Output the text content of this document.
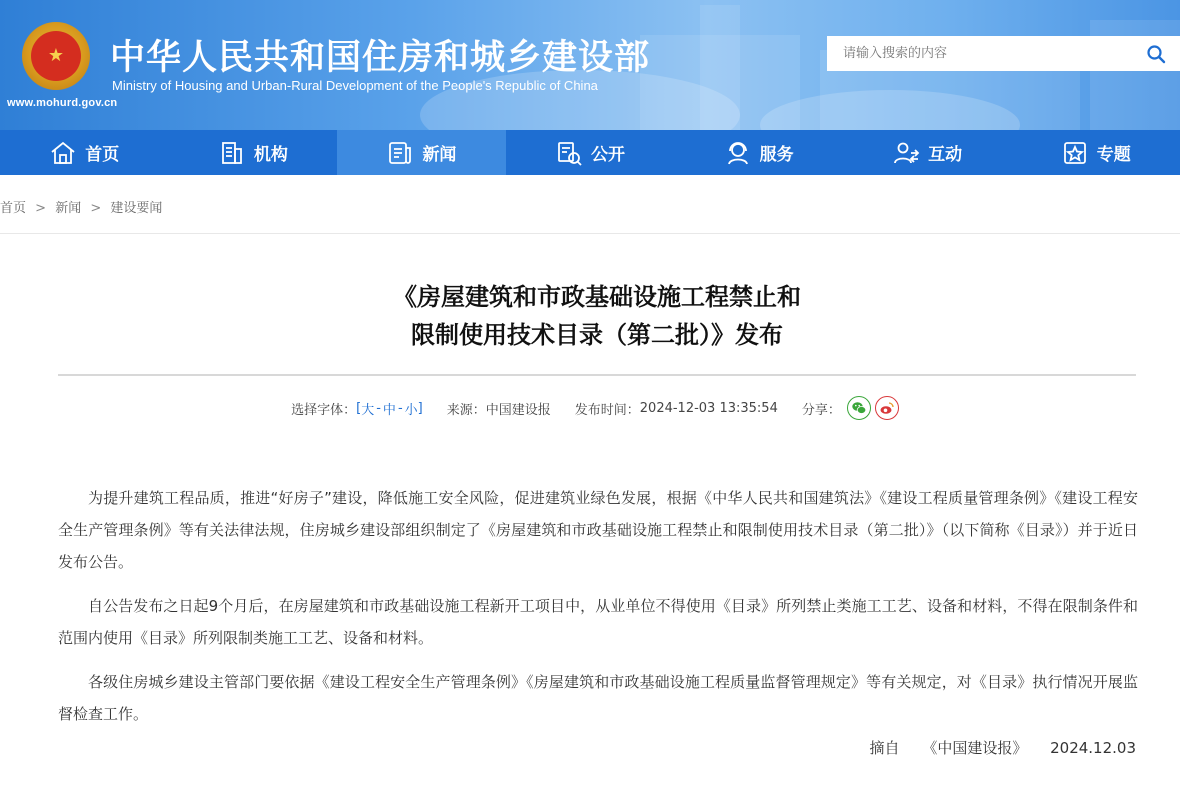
★
www.mohurd.gov.cn
中华人民共和国住房和城乡建设部
Ministry of Housing and Urban-Rural Development of the People's Republic of China
请输入搜索的内容
首页	机构	新闻	公开	服务	互动	专题
首页 > 新闻 > 建设要闻
《房屋建筑和市政基础设施工程禁止和
限制使用技术目录（第二批）》发布
选择字体： [ 大 - 中 - 小 ] 来源： 中国建设报 发布时间： 2024-12-03 13:35:54 分享：

为提升建筑工程品质，推进“好房子”建设，降低施工安全风险，促进建筑业绿色发展，根据《中华人民共和国建筑法》《建设工程质量管理条例》《建设工程安全生产管理条例》等有关法律法规，住房城乡建设部组织制定了《房屋建筑和市政基础设施工程禁止和限制使用技术目录（第二批）》（以下简称《目录》）并于近日发布公告。

自公告发布之日起9个月后，在房屋建筑和市政基础设施工程新开工项目中，从业单位不得使用《目录》所列禁止类施工工艺、设备和材料，不得在限制条件和范围内使用《目录》所列限制类施工工艺、设备和材料。

各级住房城乡建设主管部门要依据《建设工程安全生产管理条例》《房屋建筑和市政基础设施工程质量监督管理规定》等有关规定，对《目录》执行情况开展监督检查工作。

摘自 《中国建设报》 2024.12.03
